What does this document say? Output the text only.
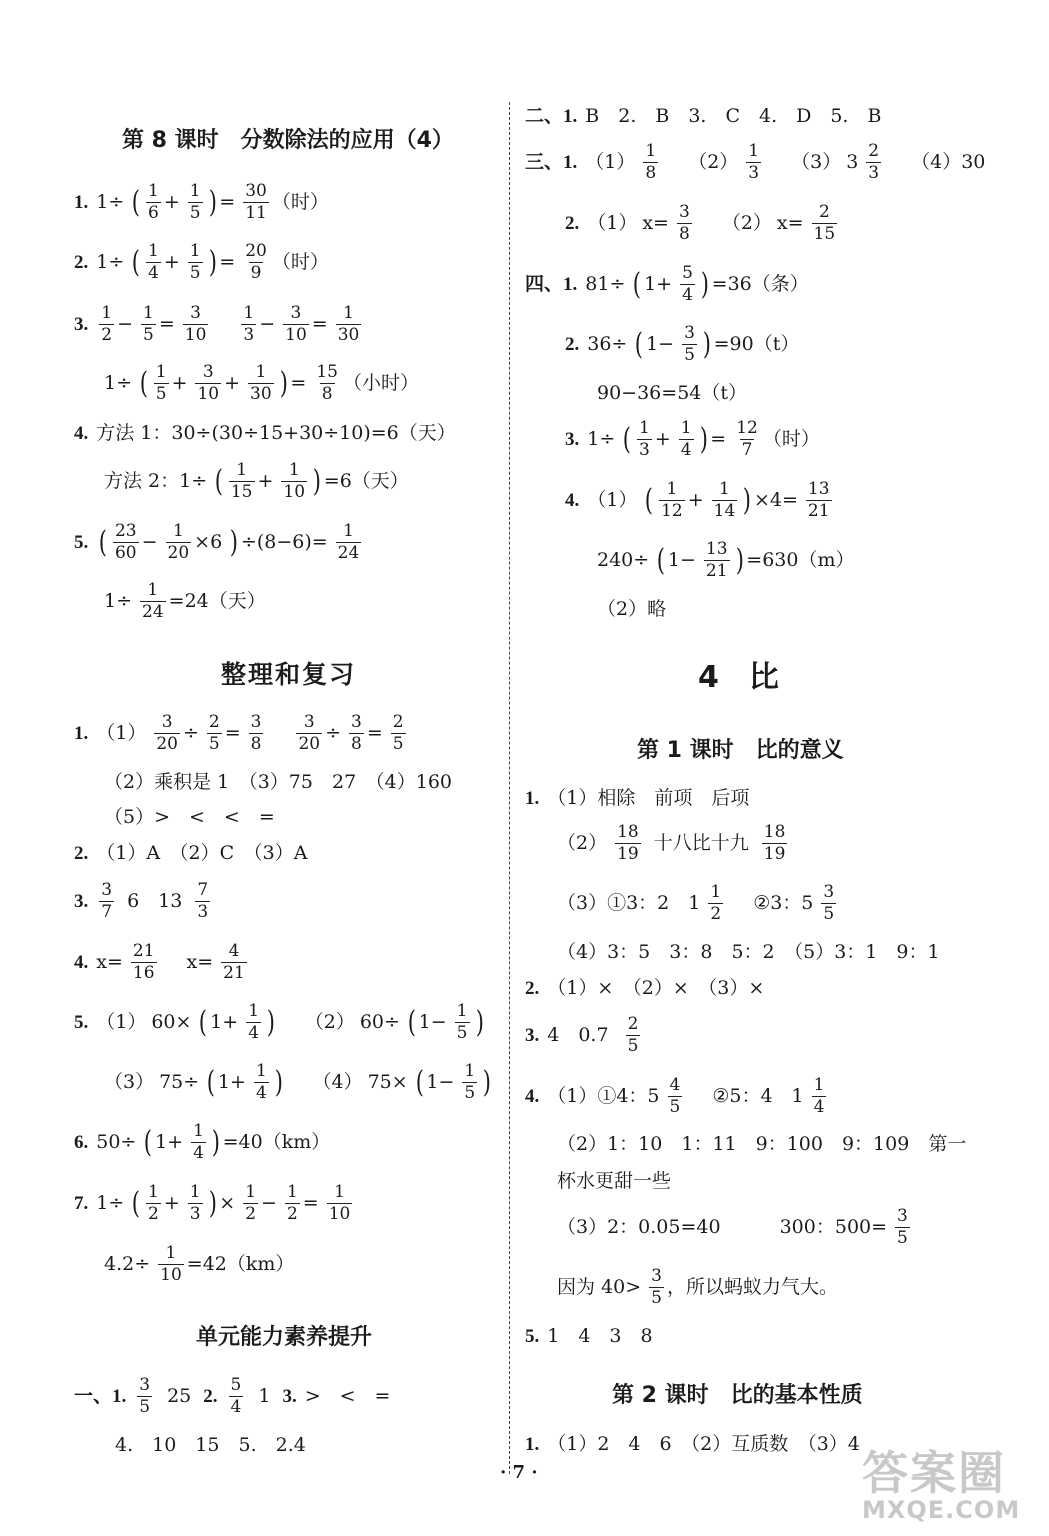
第 8 课时　分数除法的应用（4）
1. 1÷ ( $\frac{1}{6} + \frac{1}{5}$ ) = $\frac{30}{11}$ （时）
2. 1÷ ( $\frac{1}{4} + \frac{1}{5}$ ) = $\frac{20}{9}$ （时）
3. $\frac{1}{2} - \frac{1}{5} = \frac{3}{10} \frac{1}{3} - \frac{3}{10} = \frac{1}{30}$
1÷ ( $\frac{1}{5} + \frac{3}{10} + \frac{1}{30}$ ) = $\frac{15}{8}$ （小时）
4. 方法 1：30÷(30÷15+30÷10)=6（天）
方法 2：1÷ ( $\frac{1}{15} + \frac{1}{10}$ ) =6（天）
5. ( $\frac{23}{60} - \frac{1}{20} \times 6$ ) $\div(8-6)= \frac{1}{24}$
$1\div \frac{1}{24} =24$（天）
整理和复习
1. $(1) \frac{3}{20} \div \frac{2}{5} = \frac{3}{8} \frac{3}{20} \div \frac{3}{8} = \frac{2}{5}$
（2）乘积是 1　（3）75　27　（4）160
（5）>　<　<　=
2. （1）A　（2）C　（3）A
3. $\frac{3}{7} 6$　$13 \frac{7}{3}$
4. $x= \frac{21}{16} x= \frac{4}{21}$
5. （1） 60× ( $1+ \frac{1}{4}$ ) （2） 60÷ ( $1- \frac{1}{5}$ )
（3） 75÷ ( $1+ \frac{1}{4}$ ) （4） 75× ( $1- \frac{1}{5}$ )
6. 50÷ ( $1+ \frac{1}{4}$ ) =40（km）
7. 1÷ ( $\frac{1}{2} + \frac{1}{3}$ ) × $\frac{1}{2} - \frac{1}{2} = \frac{1}{10}$
$4.2\div \frac{1}{10} =42(km)$
单元能力素养提升
一、1. $\frac{3}{5} 25$ 2. $\frac{5}{4} 1$ 3. >　<　=
4.　10　15　5.　2.4
二、1. B　2.　B　3.　C　4.　D　5.　B
三、1. $(1) \frac{1}{8} (2) \frac{1}{3} (3)$ $3 \frac{2}{3} (4)30$
2. （1） $x= \frac{3}{8} (2)$ $x= \frac{2}{15}$
四、1. 81÷ ( $1+ \frac{5}{4}$ ) =36（条）
2. 36÷ ( $1- \frac{3}{5}$ ) =90（t）
90−36=54（t）
3. 1÷ ( $\frac{1}{3} + \frac{1}{4}$ ) = $\frac{12}{7}$ （时）
4. （1） ( $\frac{1}{12} + \frac{1}{14}$ ) $\times 4= \frac{13}{21}$
240÷ ( $1- \frac{13}{21}$ ) =630（m）
（2）略
4　比
第 1 课时　比的意义
1. （1）相除　前项　后项
$(2) \frac{18}{19}$ 十八比十九 $\frac{18}{19}$
（3）①3：2　$1 \frac{1}{2}$ ②3：$5 \frac{3}{5}$
（4）3：5　3：8　5：2　（5）3：1　9：1
2. （1）×　（2）×　（3）×
3. 4　$0.7 \frac{2}{5}$
4. （1）①4：$5 \frac{4}{5}$ ②5：4　$1 \frac{1}{4}$
（2）1：10　1：11　9：100　9：109　第一
杯水更甜一些
（3）2：0.05=40	300：$500= \frac{3}{5}$
因为 $40> \frac{3}{5}$ ，所以蚂蚁力气大。
5. 1　4　3　8
第 2 课时　比的基本性质
1. （1）2　4　6　（2）互质数　（3）4
· 7 ·	答案圈
MXQE.COM
